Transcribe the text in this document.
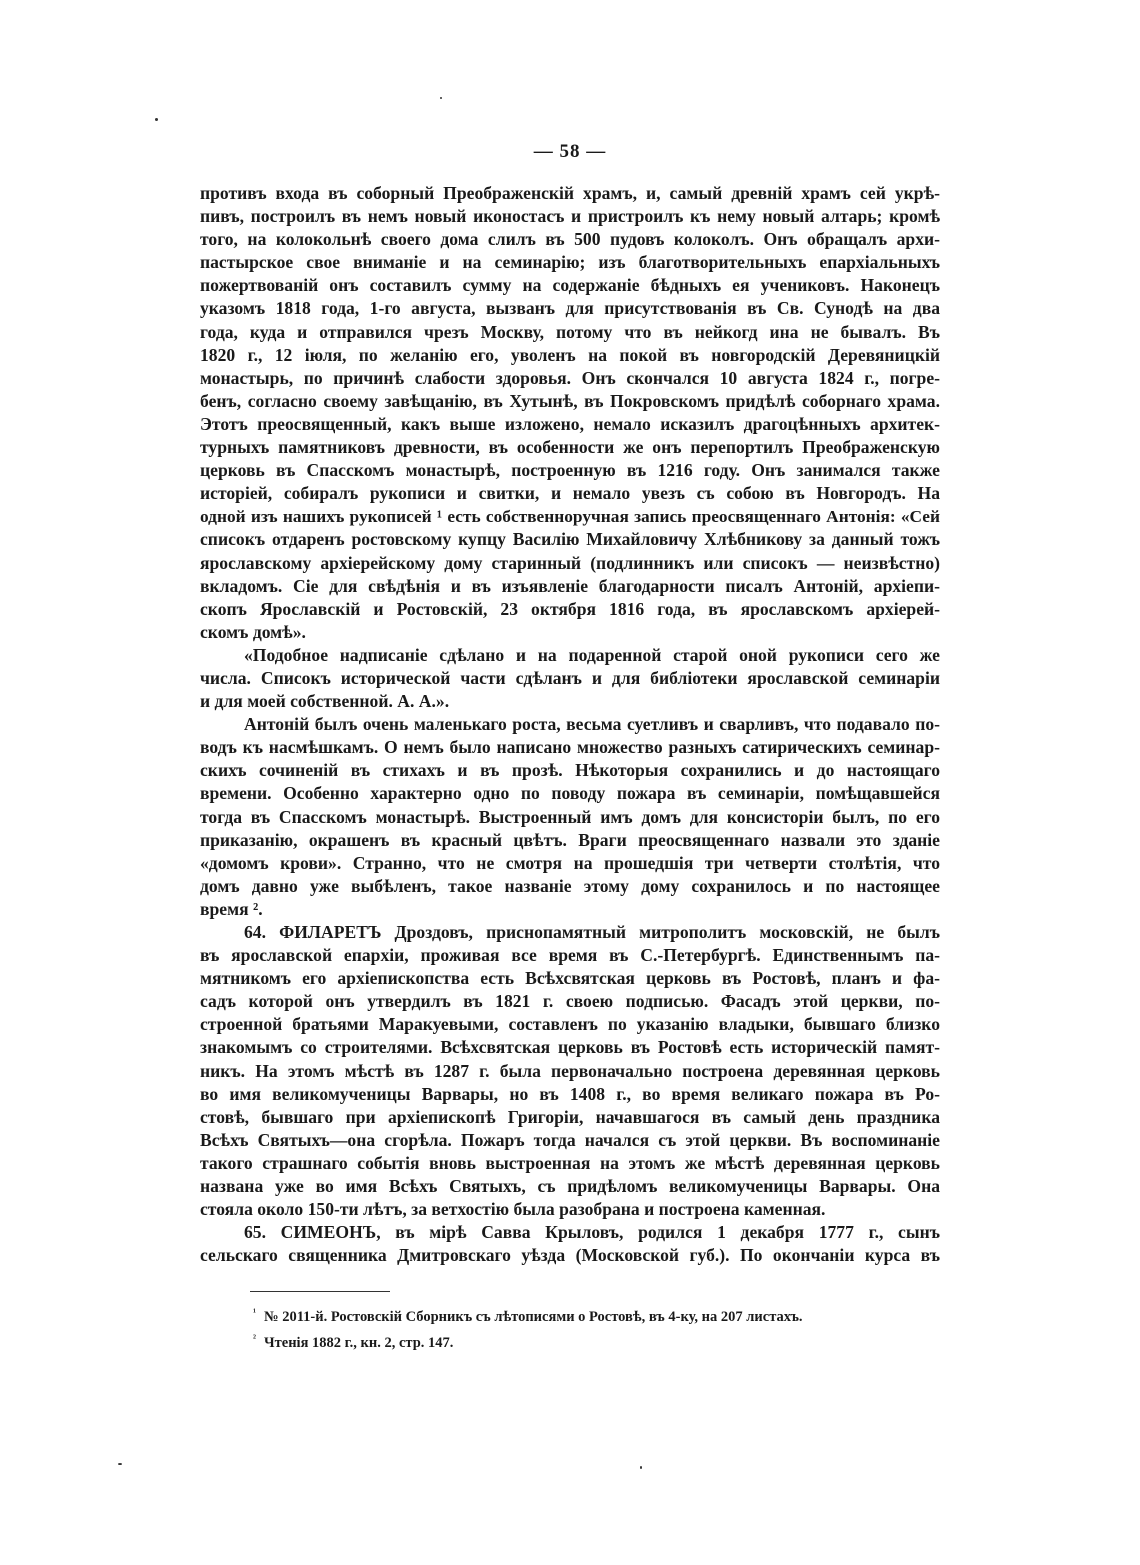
— 58 —
противъ входа въ соборный Преображенскій храмъ, и, самый древній храмъ сей укрѣ-
пивъ, построилъ въ немъ новый иконостасъ и пристроилъ къ нему новый алтарь; кромѣ
того, на колокольнѣ своего дома слилъ въ 500 пудовъ колоколъ. Онъ обращалъ архи-
пастырское свое вниманіе и на семинарію; изъ благотворительныхъ епархіальныхъ
пожертвованій онъ составилъ сумму на содержаніе бѣдныхъ ея учениковъ. Наконецъ
указомъ 1818 года, 1-го августа, вызванъ для присутствованія въ Св. Сунодѣ на два
года, куда и отправился чрезъ Москву, потому что въ нейкогд ина не бывалъ. Въ
1820 г., 12 іюля, по желанію его, уволенъ на покой въ новгородскій Деревяницкій
монастырь, по причинѣ слабости здоровья. Онъ скончался 10 августа 1824 г., погре-
бенъ, согласно своему завѣщанію, въ Хутынѣ, въ Покровскомъ придѣлѣ соборнаго храма.
Этотъ преосвященный, какъ выше изложено, немало исказилъ драгоцѣнныхъ архитек-
турныхъ памятниковъ древности, въ особенности же онъ перепортилъ Преображенскую
церковь въ Спасскомъ монастырѣ, построенную въ 1216 году. Онъ занимался также
исторіей, собиралъ рукописи и свитки, и немало увезъ съ собою въ Новгородъ. На
одной изъ нашихъ рукописей ¹ есть собственноручная запись преосвященнаго Антонія: «Сей
списокъ отдаренъ ростовскому купцу Василію Михайловичу Хлѣбникову за данный тожъ
ярославскому архіерейскому дому старинный (подлинникъ или списокъ — неизвѣстно)
вкладомъ. Сіе для свѣдѣнія и въ изъявленіе благодарности писалъ Антоній, архіепи-
скопъ Ярославскій и Ростовскій, 23 октября 1816 года, въ ярославскомъ архіерей-
скомъ домѣ».
«Подобное надписаніе сдѣлано и на подаренной старой оной рукописи сего же
числа. Списокъ исторической части сдѣланъ и для библіотеки ярославской семинаріи
и для моей собственной. А. А.».
Антоній былъ очень маленькаго роста, весьма суетливъ и сварливъ, что подавало по-
водъ къ насмѣшкамъ. О немъ было написано множество разныхъ сатирическихъ семинар-
скихъ сочиненій въ стихахъ и въ прозѣ. Нѣкоторыя сохранились и до настоящаго
времени. Особенно характерно одно по поводу пожара въ семинаріи, помѣщавшейся
тогда въ Спасскомъ монастырѣ. Выстроенный имъ домъ для консисторіи былъ, по его
приказанію, окрашенъ въ красный цвѣтъ. Враги преосвященнаго назвали это зданіе
«домомъ крови». Странно, что не смотря на прошедшія три четверти столѣтія, что
домъ давно уже выбѣленъ, такое названіе этому дому сохранилось и по настоящее
время ².
64. ФИЛАРЕТЪ Дроздовъ, приснопамятный митрополитъ московскій, не былъ
въ ярославской епархіи, проживая все время въ С.-Петербургѣ. Единственнымъ па-
мятникомъ его архіепископства есть Всѣхсвятская церковь въ Ростовѣ, планъ и фа-
садъ которой онъ утвердилъ въ 1821 г. своею подписью. Фасадъ этой церкви, по-
строенной братьями Маракуевыми, составленъ по указанію владыки, бывшаго близко
знакомымъ со строителями. Всѣхсвятская церковь въ Ростовѣ есть историческій памят-
никъ. На этомъ мѣстѣ въ 1287 г. была первоначально построена деревянная церковь
во имя великомученицы Варвары, но въ 1408 г., во время великаго пожара въ Ро-
стовѣ, бывшаго при архіепископѣ Григоріи, начавшагося въ самый день праздника
Всѣхъ Святыхъ—она сгорѣла. Пожаръ тогда начался съ этой церкви. Въ воспоминаніе
такого страшнаго событія вновь выстроенная на этомъ же мѣстѣ деревянная церковь
названа уже во имя Всѣхъ Святыхъ, съ придѣломъ великомученицы Варвары. Она
стояла около 150-ти лѣтъ, за ветхостію была разобрана и построена каменная.
65. СИМЕОНЪ, въ мірѣ Савва Крыловъ, родился 1 декабря 1777 г., сынъ
сельскаго священника Дмитровскаго уѣзда (Московской губ.). По окончаніи курса въ
$^{^1}$ № 2011-й. Ростовскій Сборникъ съ лѣтописями о Ростовѣ, въ 4-ку, на 207 листахъ.
$^{^2}$ Чтенія 1882 г., кн. 2, стр. 147.
